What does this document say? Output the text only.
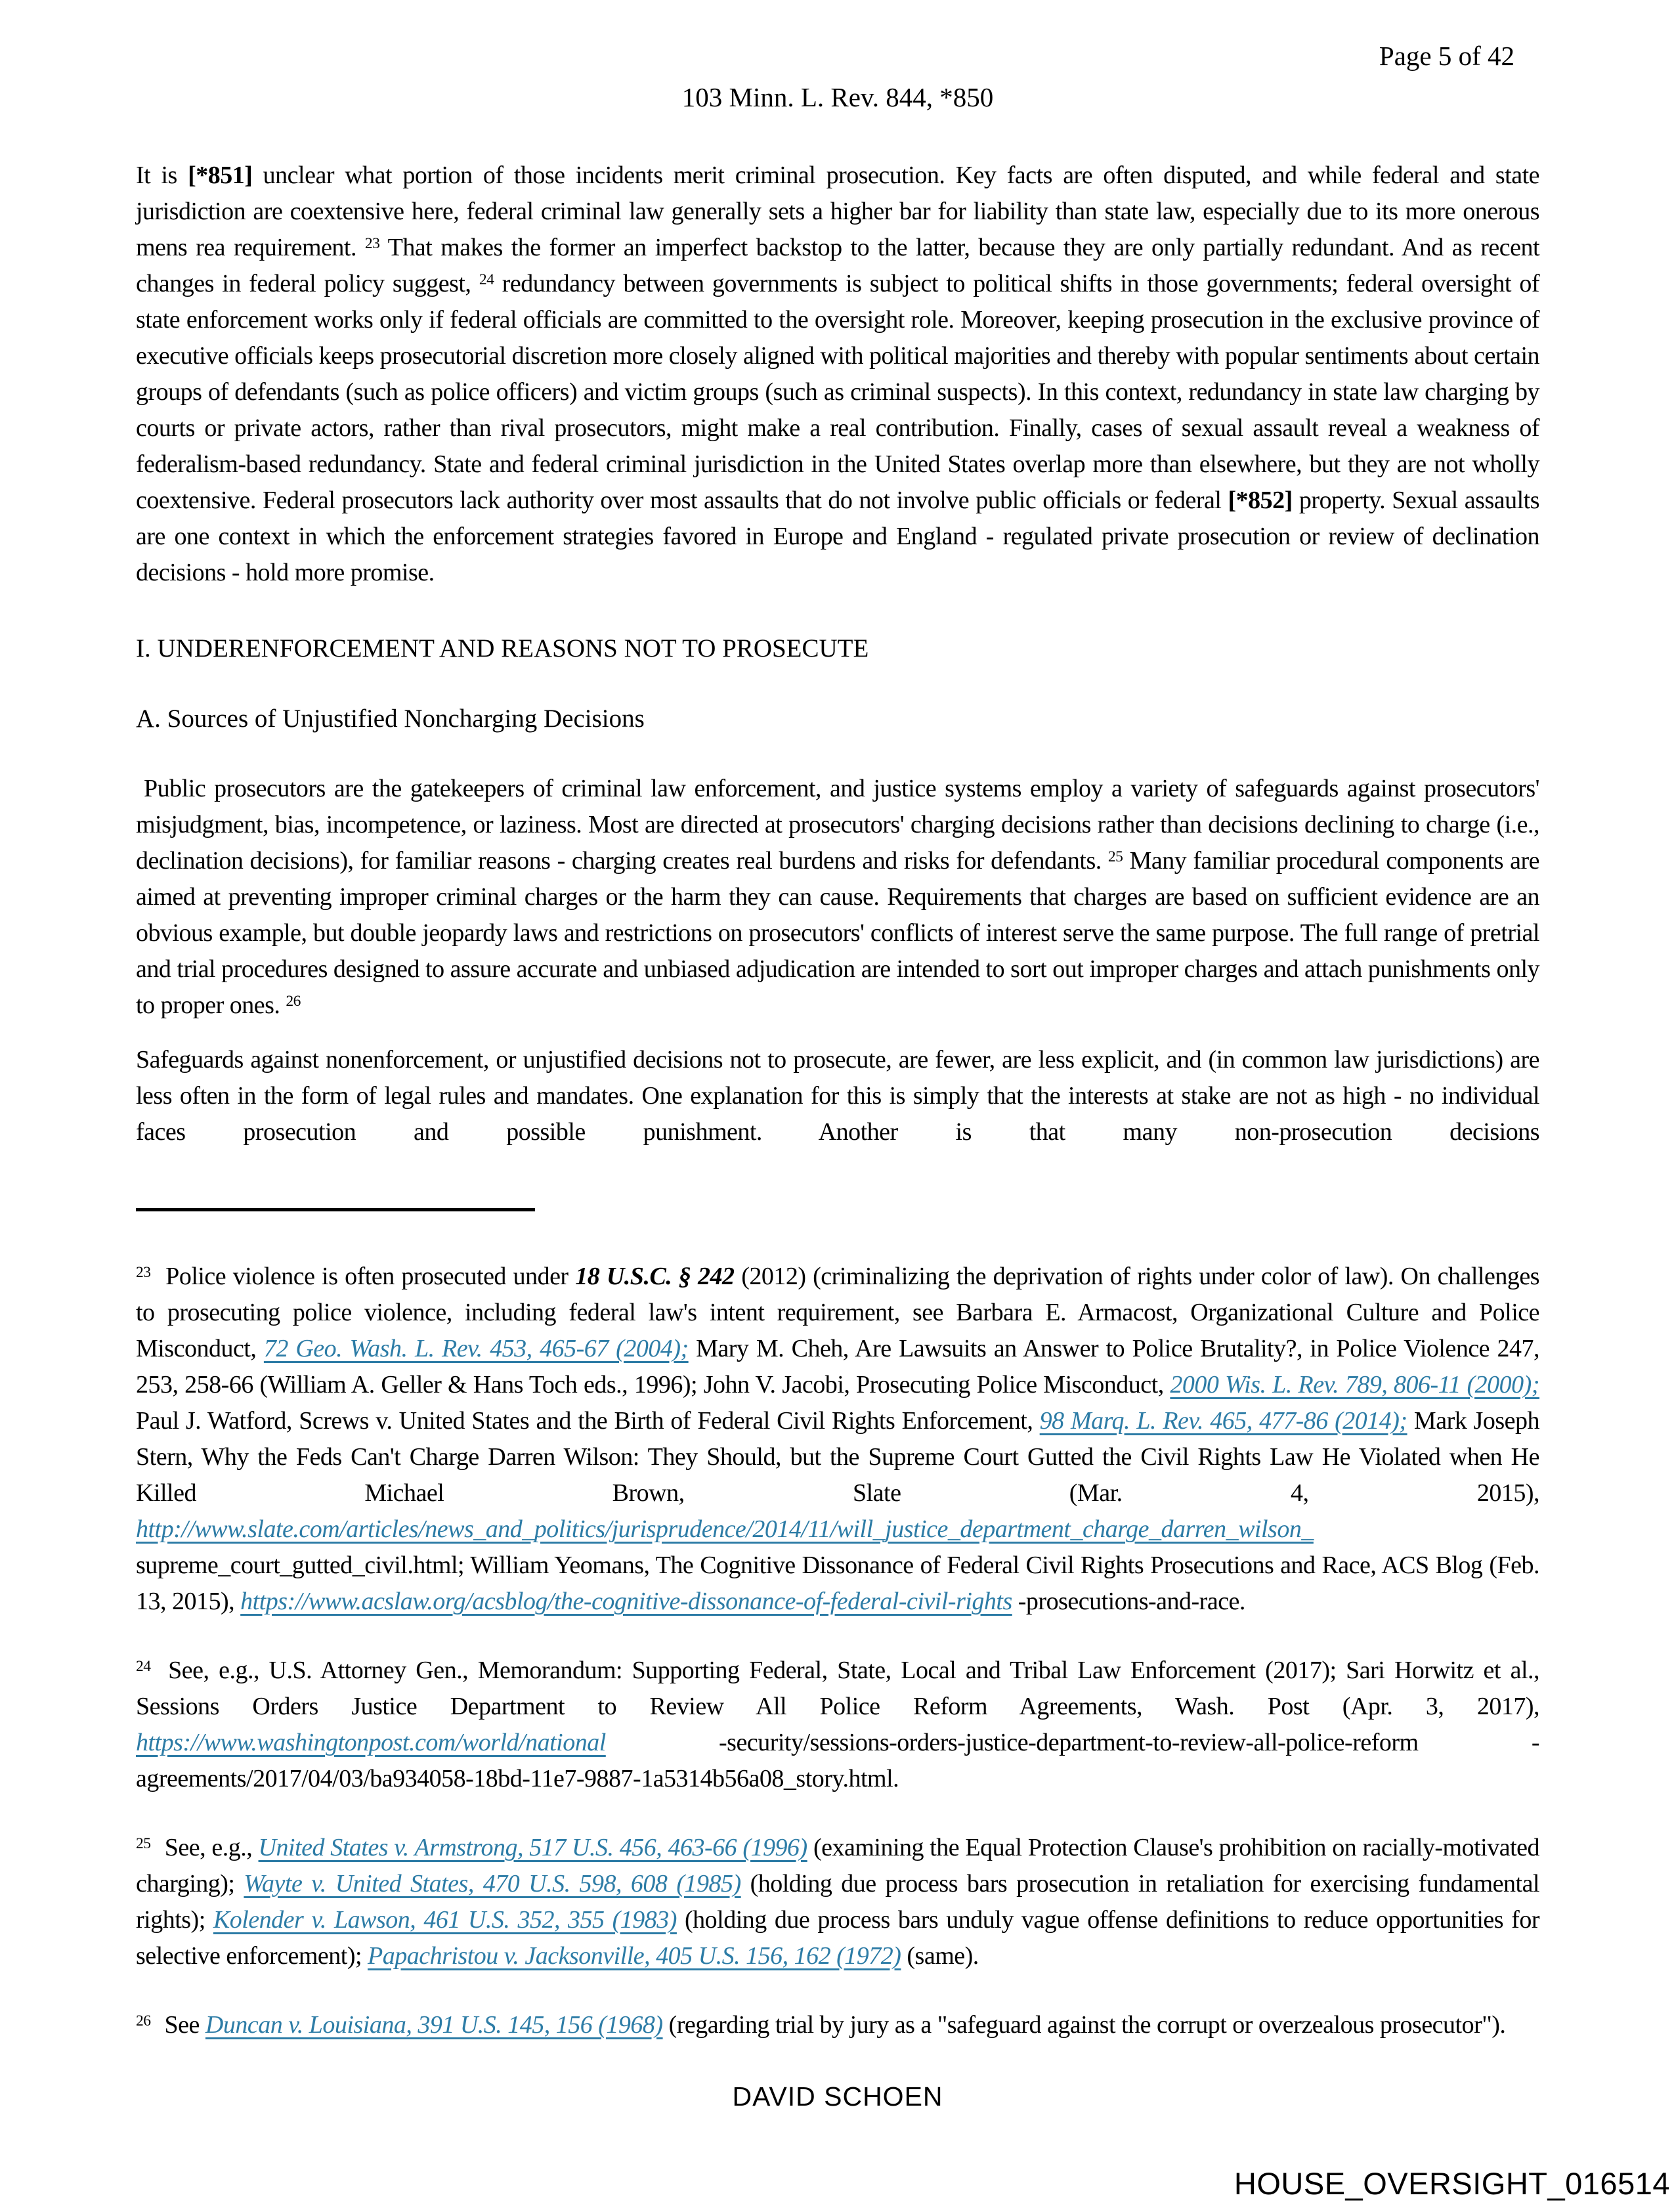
Page 5 of 42
103 Minn. L. Rev. 844, *850

It is [*851] unclear what portion of those incidents merit criminal prosecution. Key facts are often disputed, and while federal and state jurisdiction are coextensive here, federal criminal law generally sets a higher bar for liability than state law, especially due to its more onerous mens rea requirement. $^{23}$ That makes the former an imperfect backstop to the latter, because they are only partially redundant. And as recent changes in federal policy suggest, $^{24}$ redundancy between governments is subject to political shifts in those governments; federal oversight of state enforcement works only if federal officials are committed to the oversight role. Moreover, keeping prosecution in the exclusive province of executive officials keeps prosecutorial discretion more closely aligned with political majorities and thereby with popular sentiments about certain groups of defendants (such as police officers) and victim groups (such as criminal suspects). In this context, redundancy in state law charging by courts or private actors, rather than rival prosecutors, might make a real contribution. Finally, cases of sexual assault reveal a weakness of federalism-based redundancy. State and federal criminal jurisdiction in the United States overlap more than elsewhere, but they are not wholly coextensive. Federal prosecutors lack authority over most assaults that do not involve public officials or federal [*852] property. Sexual assaults are one context in which the enforcement strategies favored in Europe and England - regulated private prosecution or review of declination decisions - hold more promise.

I. UNDERENFORCEMENT AND REASONS NOT TO PROSECUTE

A. Sources of Unjustified Noncharging Decisions

Public prosecutors are the gatekeepers of criminal law enforcement, and justice systems employ a variety of safeguards against prosecutors' misjudgment, bias, incompetence, or laziness. Most are directed at prosecutors' charging decisions rather than decisions declining to charge (i.e., declination decisions), for familiar reasons - charging creates real burdens and risks for defendants. $^{25}$ Many familiar procedural components are aimed at preventing improper criminal charges or the harm they can cause. Requirements that charges are based on sufficient evidence are an obvious example, but double jeopardy laws and restrictions on prosecutors' conflicts of interest serve the same purpose. The full range of pretrial and trial procedures designed to assure accurate and unbiased adjudication are intended to sort out improper charges and attach punishments only to proper ones. $^{26}$

Safeguards against nonenforcement, or unjustified decisions not to prosecute, are fewer, are less explicit, and (in common law jurisdictions) are less often in the form of legal rules and mandates. One explanation for this is simply that the interests at stake are not as high - no individual faces prosecution and possible punishment. Another is that many non-prosecution decisions

$^{23}$ Police violence is often prosecuted under 18 U.S.C. § 242 (2012) (criminalizing the deprivation of rights under color of law). On challenges to prosecuting police violence, including federal law's intent requirement, see Barbara E. Armacost, Organizational Culture and Police Misconduct, 72 Geo. Wash. L. Rev. 453, 465-67 (2004); Mary M. Cheh, Are Lawsuits an Answer to Police Brutality?, in Police Violence 247, 253, 258-66 (William A. Geller & Hans Toch eds., 1996); John V. Jacobi, Prosecuting Police Misconduct, 2000 Wis. L. Rev. 789, 806-11 (2000); Paul J. Watford, Screws v. United States and the Birth of Federal Civil Rights Enforcement, 98 Marq. L. Rev. 465, 477-86 (2014); Mark Joseph Stern, Why the Feds Can't Charge Darren Wilson: They Should, but the Supreme Court Gutted the Civil Rights Law He Violated when He Killed Michael Brown, Slate (Mar. 4, 2015), http://www.slate.com/articles/news_and_politics/jurisprudence/2014/11/will_justice_department_charge_darren_wilson_ supreme_court_gutted_civil.html; William Yeomans, The Cognitive Dissonance of Federal Civil Rights Prosecutions and Race, ACS Blog (Feb. 13, 2015), https://www.acslaw.org/acsblog/the-cognitive-dissonance-of-federal-civil-rights -prosecutions-and-race.

$^{24}$ See, e.g., U.S. Attorney Gen., Memorandum: Supporting Federal, State, Local and Tribal Law Enforcement (2017); Sari Horwitz et al., Sessions Orders Justice Department to Review All Police Reform Agreements, Wash. Post (Apr. 3, 2017), https://www.washingtonpost.com/world/national -security/sessions-orders-justice-department-to-review-all-police-reform - agreements/2017/04/03/ba934058-18bd-11e7-9887-1a5314b56a08_story.html.

$^{25}$ See, e.g., United States v. Armstrong, 517 U.S. 456, 463-66 (1996) (examining the Equal Protection Clause's prohibition on racially-motivated charging); Wayte v. United States, 470 U.S. 598, 608 (1985) (holding due process bars prosecution in retaliation for exercising fundamental rights); Kolender v. Lawson, 461 U.S. 352, 355 (1983) (holding due process bars unduly vague offense definitions to reduce opportunities for selective enforcement); Papachristou v. Jacksonville, 405 U.S. 156, 162 (1972) (same).

$^{26}$ See Duncan v. Louisiana, 391 U.S. 145, 156 (1968) (regarding trial by jury as a "safeguard against the corrupt or overzealous prosecutor").

DAVID SCHOEN
HOUSE_OVERSIGHT_016514
